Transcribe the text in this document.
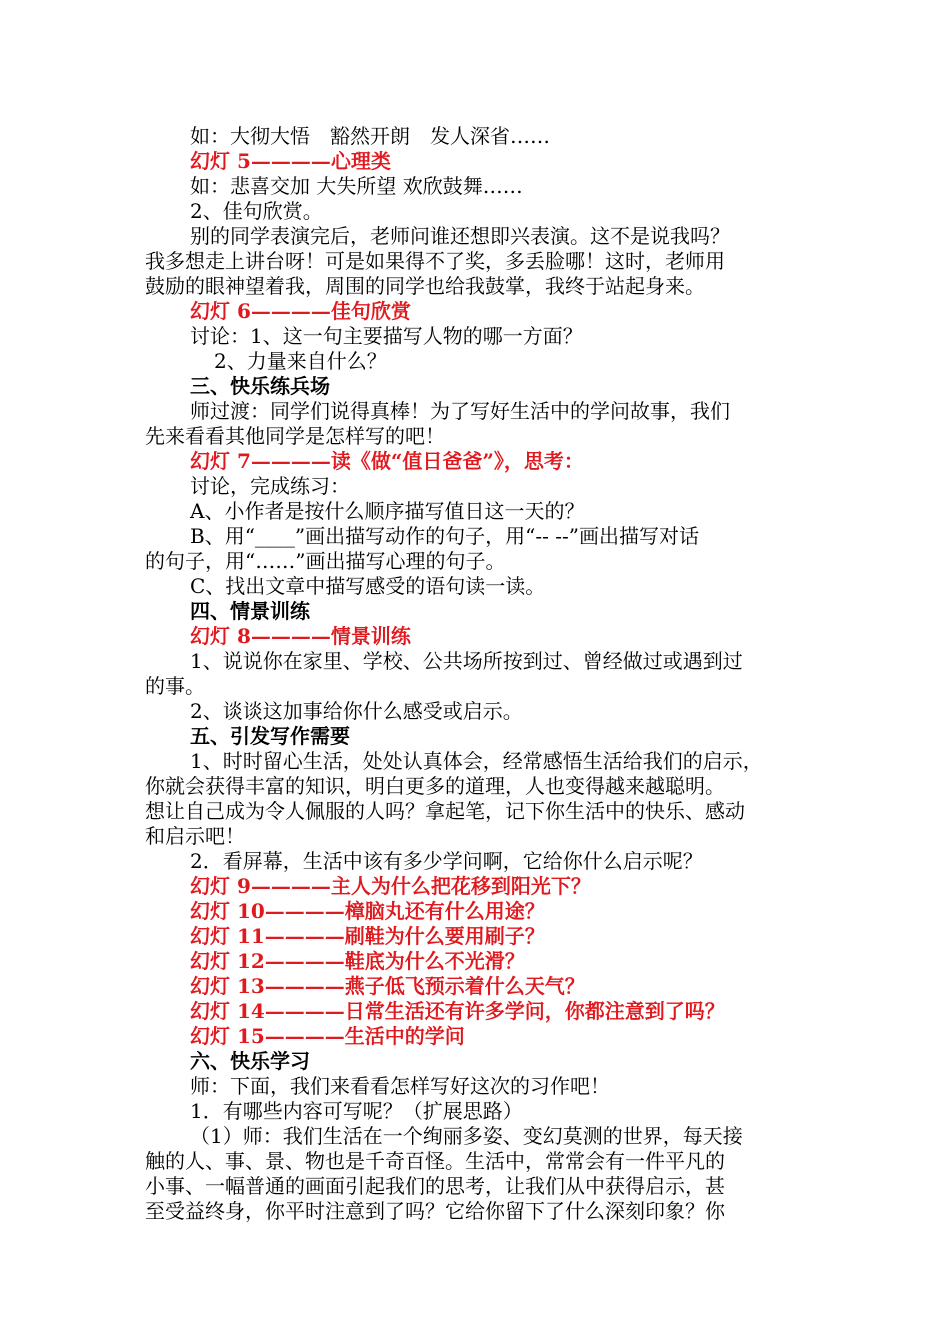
如：大彻大悟　豁然开朗　发人深省……
幻灯 5————心理类
如：悲喜交加 大失所望 欢欣鼓舞……
2、佳句欣赏。
别的同学表演完后，老师问谁还想即兴表演。这不是说我吗？
我多想走上讲台呀！可是如果得不了奖，多丢脸哪！这时，老师用
鼓励的眼神望着我，周围的同学也给我鼓掌，我终于站起身来。
幻灯 6————佳句欣赏
讨论：1、这一句主要描写人物的哪一方面？
2、力量来自什么？
三、快乐练兵场
师过渡：同学们说得真棒！为了写好生活中的学问故事，我们
先来看看其他同学是怎样写的吧！
幻灯 7————读《做“值日爸爸”》，思考：
讨论，完成练习：
A、小作者是按什么顺序描写值日这一天的？
B、用“____”画出描写动作的句子，用“-- --”画出描写对话
的句子，用“……”画出描写心理的句子。
C、找出文章中描写感受的语句读一读。
四、情景训练
幻灯 8————情景训练
1、说说你在家里、学校、公共场所按到过、曾经做过或遇到过
的事。
2、谈谈这加事给你什么感受或启示。
五、引发写作需要
1、时时留心生活，处处认真体会，经常感悟生活给我们的启示，
你就会获得丰富的知识，明白更多的道理，人也变得越来越聪明。
想让自己成为令人佩服的人吗？拿起笔，记下你生活中的快乐、感动
和启示吧！
2．看屏幕，生活中该有多少学问啊，它给你什么启示呢？
幻灯 9————主人为什么把花移到阳光下？
幻灯 10————樟脑丸还有什么用途？
幻灯 11————刷鞋为什么要用刷子？
幻灯 12————鞋底为什么不光滑？
幻灯 13————燕子低飞预示着什么天气？
幻灯 14————日常生活还有许多学问，你都注意到了吗？
幻灯 15————生活中的学问
六、快乐学习
师：下面，我们来看看怎样写好这次的习作吧！
1．有哪些内容可写呢？（扩展思路）
（1）师：我们生活在一个绚丽多姿、变幻莫测的世界，每天接
触的人、事、景、物也是千奇百怪。生活中，常常会有一件平凡的
小事、一幅普通的画面引起我们的思考，让我们从中获得启示，甚
至受益终身，你平时注意到了吗？它给你留下了什么深刻印象？你
